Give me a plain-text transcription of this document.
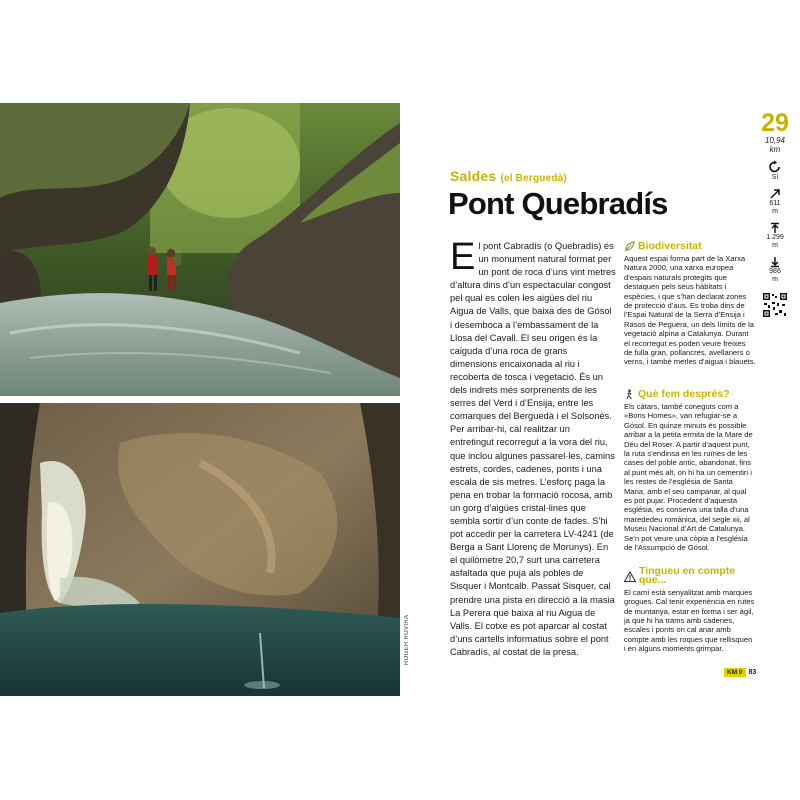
ROGER ROVIRA
Saldes (el Berguedà)
Pont Quebradís
El pont Cabradís (o Quebradís) és un monument natural format per un pont de roca d’uns vint metres d’altura dins d’un espectacular congost pel qual es colen les aigües del riu Aigua de Valls, que baixa des de Gósol i desemboca a l’embassament de la Llosa del Cavall. El seu origen és la caiguda d’una roca de grans dimensions encaixonada al riu i recoberta de tosca i vegetació. És un dels indrets més sorprenents de les serres del Verd i d’Ensija, entre les comarques del Berguedà i el Solsonès. Per arribar-hi, cal realitzar un entretingut recorregut a la vora del riu, que inclou algunes passarel·les, camins estrets, cordes, cadenes, ponts i una escala de sis metres. L’esforç paga la pena en trobar la formació rocosa, amb un gorg d’aigües cristal·lines que sembla sortir d’un conte de fades. S’hi pot accedir per la carretera LV-4241 (de Berga a Sant Llorenç de Morunys). En el quilòmetre 20,7 surt una carretera asfaltada que puja als pobles de Sisquer i Montcalb. Passat Sisquer, cal prendre una pista en direcció a la masia La Perera que baixa al riu Aigua de Valls. El cotxe es pot aparcar al costat d’uns cartells informatius sobre el pont Cabradís, al costat de la presa.
Biodiversitat
Aquest espai forma part de la Xarxa Natura 2000, una xarxa europea d’espais naturals protegits que destaquen pels seus hàbitats i espècies, i que s’han declarat zones de protecció d’aus. Es troba dins de l’Espai Natural de la Serra d’Ensija i Rasos de Peguera, un dels límits de la vegetació alpina a Catalunya. Durant el recorregut es poden veure freixes de fulla gran, pollancres, avellaners o verns, i també merles d’aigua i blauets.
Què fem després?
Els càtars, també coneguts com a «Bons Homes», van refugiar-se a Gósol. En quinze minuts és possible arribar a la petita ermita de la Mare de Déu del Roser. A partir d’aquest punt, la ruta s’endinsa en les ruïnes de les cases del poble antic, abandonat, fins al punt més alt, on hi ha un cementiri i les restes de l’església de Santa Maria, amb el seu campanar, al qual es pot pujar. Procedent d’aquesta església, es conserva una talla d’una marededeu romànica, del segle xii, al Museu Nacional d’Art de Catalunya. Se’n pot veure una còpia a l’església de l’Assumpció de Gósol.
Tingueu en compte que...
El camí està senyalitzat amb marques grogues. Cal tenir experiència en rutes de muntanya, estar en forma i ser àgil, ja que hi ha trams amb cadenes, escales i ponts on cal anar amb compte amb les roques que rellisquen i en alguns moments grimpar.
29
10,94
km
Sí
611
m
1.299
m
986
m
KM 0 83
